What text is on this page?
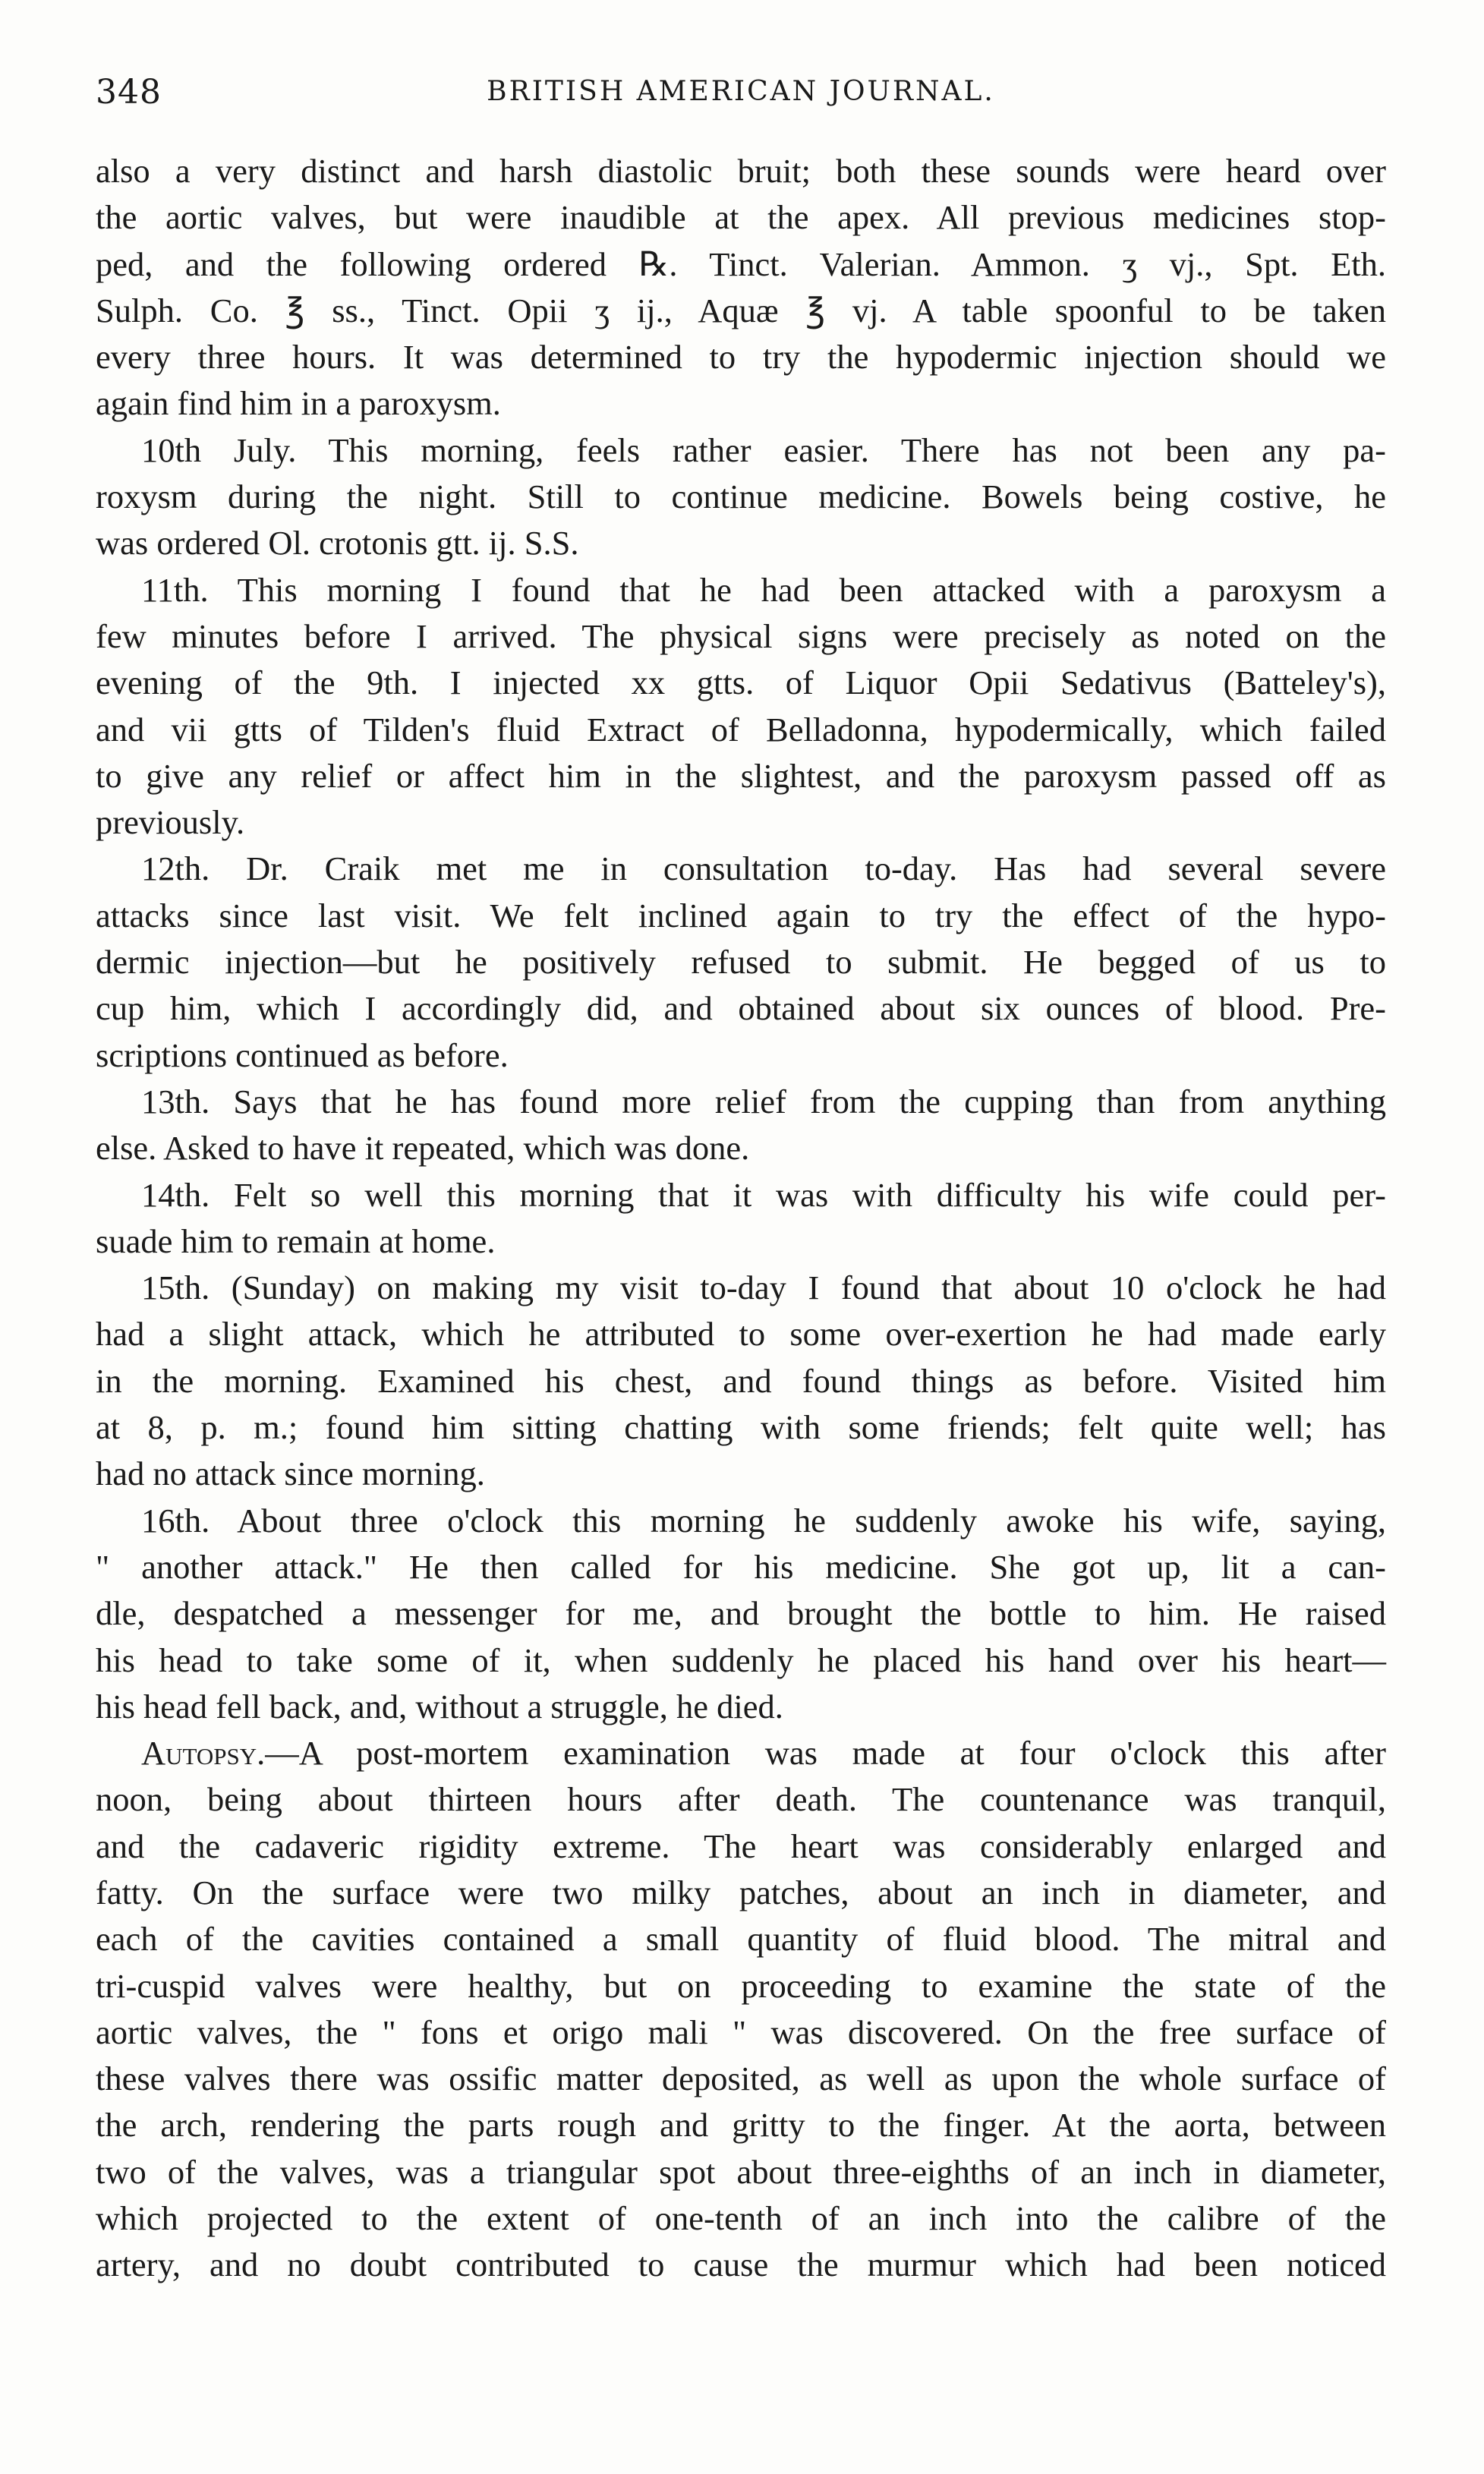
348	BRITISH AMERICAN JOURNAL.
also a very distinct and harsh diastolic bruit; both these sounds were heard over
the aortic valves, but were inaudible at the apex. All previous medicines stop-
ped, and the following ordered ℞. Tinct. Valerian. Ammon. ʒ vj., Spt. Eth.
Sulph. Co. ℥ ss., Tinct. Opii ʒ ij., Aquæ ℥ vj. A table spoonful to be taken
every three hours. It was determined to try the hypodermic injection should we
again find him in a paroxysm.
10th July. This morning, feels rather easier. There has not been any pa-
roxysm during the night. Still to continue medicine. Bowels being costive, he
was ordered Ol. crotonis gtt. ij. S.S.
11th. This morning I found that he had been attacked with a paroxysm a
few minutes before I arrived. The physical signs were precisely as noted on the
evening of the 9th. I injected xx gtts. of Liquor Opii Sedativus (Batteley's),
and vii gtts of Tilden's fluid Extract of Belladonna, hypodermically, which failed
to give any relief or affect him in the slightest, and the paroxysm passed off as
previously.
12th. Dr. Craik met me in consultation to-day. Has had several severe
attacks since last visit. We felt inclined again to try the effect of the hypo-
dermic injection—but he positively refused to submit. He begged of us to
cup him, which I accordingly did, and obtained about six ounces of blood. Pre-
scriptions continued as before.
13th. Says that he has found more relief from the cupping than from anything
else. Asked to have it repeated, which was done.
14th. Felt so well this morning that it was with difficulty his wife could per-
suade him to remain at home.
15th. (Sunday) on making my visit to-day I found that about 10 o'clock he had
had a slight attack, which he attributed to some over-exertion he had made early
in the morning. Examined his chest, and found things as before. Visited him
at 8, p. m.; found him sitting chatting with some friends; felt quite well; has
had no attack since morning.
16th. About three o'clock this morning he suddenly awoke his wife, saying,
" another attack." He then called for his medicine. She got up, lit a can-
dle, despatched a messenger for me, and brought the bottle to him. He raised
his head to take some of it, when suddenly he placed his hand over his heart—
his head fell back, and, without a struggle, he died.
Autopsy.—A post-mortem examination was made at four o'clock this after
noon, being about thirteen hours after death. The countenance was tranquil,
and the cadaveric rigidity extreme. The heart was considerably enlarged and
fatty. On the surface were two milky patches, about an inch in diameter, and
each of the cavities contained a small quantity of fluid blood. The mitral and
tri-cuspid valves were healthy, but on proceeding to examine the state of the
aortic valves, the " fons et origo mali " was discovered. On the free surface of
these valves there was ossific matter deposited, as well as upon the whole surface of
the arch, rendering the parts rough and gritty to the finger. At the aorta, between
two of the valves, was a triangular spot about three-eighths of an inch in diameter,
which projected to the extent of one-tenth of an inch into the calibre of the
artery, and no doubt contributed to cause the murmur which had been noticed
